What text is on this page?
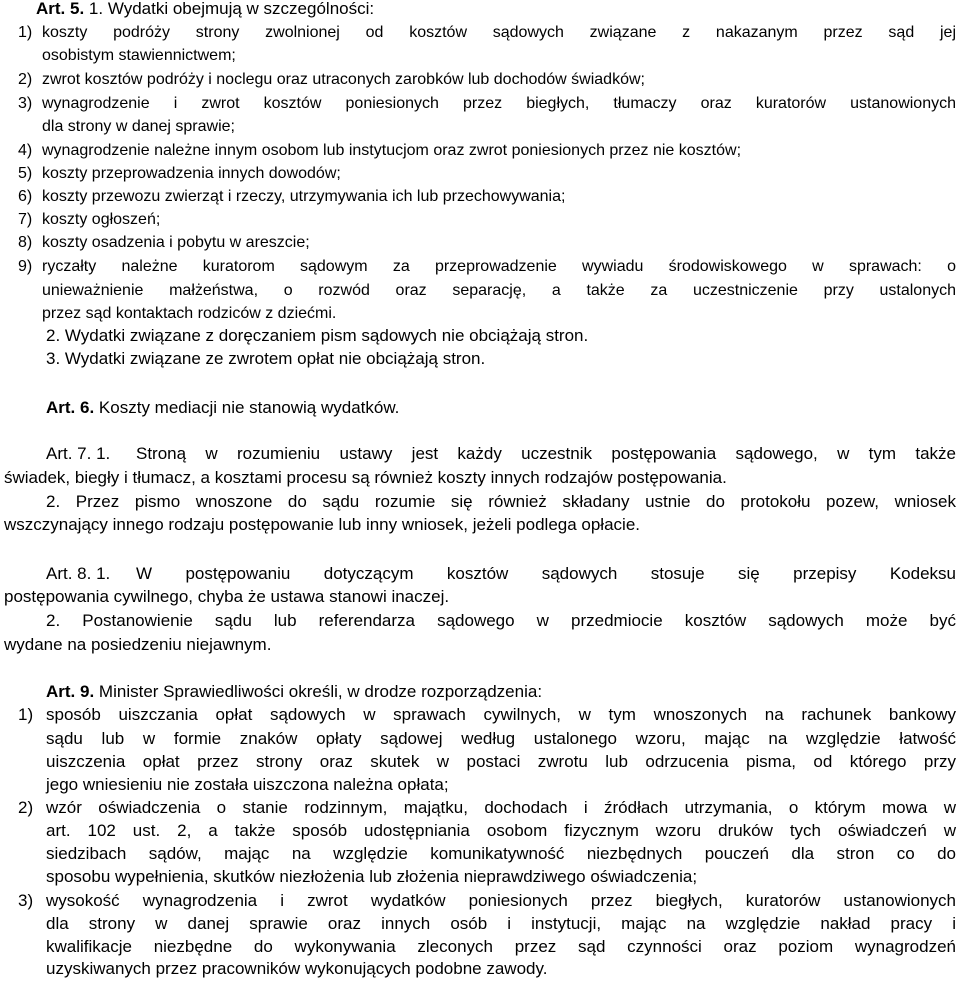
Art. 5. 1. Wydatki obejmują w szczególności:
1) koszty podróży strony zwolnionej od kosztów sądowych związane z nakazanym przez sąd jej
osobistym stawiennictwem;
2) zwrot kosztów podróży i noclegu oraz utraconych zarobków lub dochodów świadków;
3) wynagrodzenie i zwrot kosztów poniesionych przez biegłych, tłumaczy oraz kuratorów ustanowionych
dla strony w danej sprawie;
4) wynagrodzenie należne innym osobom lub instytucjom oraz zwrot poniesionych przez nie kosztów;
5) koszty przeprowadzenia innych dowodów;
6) koszty przewozu zwierząt i rzeczy, utrzymywania ich lub przechowywania;
7) koszty ogłoszeń;
8) koszty osadzenia i pobytu w areszcie;
9) ryczałty należne kuratorom sądowym za przeprowadzenie wywiadu środowiskowego w sprawach: o
unieważnienie małżeństwa, o rozwód oraz separację, a także za uczestniczenie przy ustalonych
przez sąd kontaktach rodziców z dziećmi.
2. Wydatki związane z doręczaniem pism sądowych nie obciążają stron.
3. Wydatki związane ze zwrotem opłat nie obciążają stron.
Art. 6. Koszty mediacji nie stanowią wydatków.
Art. 7. 1. Stroną w rozumieniu ustawy jest każdy uczestnik postępowania sądowego, w tym także
świadek, biegły i tłumacz, a kosztami procesu są również koszty innych rodzajów postępowania.
2. Przez pismo wnoszone do sądu rozumie się również składany ustnie do protokołu pozew, wniosek
wszczynający innego rodzaju postępowanie lub inny wniosek, jeżeli podlega opłacie.
Art. 8. 1. W postępowaniu dotyczącym kosztów sądowych stosuje się przepisy Kodeksu
postępowania cywilnego, chyba że ustawa stanowi inaczej.
2. Postanowienie sądu lub referendarza sądowego w przedmiocie kosztów sądowych może być
wydane na posiedzeniu niejawnym.
Art. 9. Minister Sprawiedliwości określi, w drodze rozporządzenia:
1) sposób uiszczania opłat sądowych w sprawach cywilnych, w tym wnoszonych na rachunek bankowy
sądu lub w formie znaków opłaty sądowej według ustalonego wzoru, mając na względzie łatwość
uiszczenia opłat przez strony oraz skutek w postaci zwrotu lub odrzucenia pisma, od którego przy
jego wniesieniu nie została uiszczona należna opłata;
2) wzór oświadczenia o stanie rodzinnym, majątku, dochodach i źródłach utrzymania, o którym mowa w
art. 102 ust. 2, a także sposób udostępniania osobom fizycznym wzoru druków tych oświadczeń w
siedzibach sądów, mając na względzie komunikatywność niezbędnych pouczeń dla stron co do
sposobu wypełnienia, skutków niezłożenia lub złożenia nieprawdziwego oświadczenia;
3) wysokość wynagrodzenia i zwrot wydatków poniesionych przez biegłych, kuratorów ustanowionych
dla strony w danej sprawie oraz innych osób i instytucji, mając na względzie nakład pracy i
kwalifikacje niezbędne do wykonywania zleconych przez sąd czynności oraz poziom wynagrodzeń
uzyskiwanych przez pracowników wykonujących podobne zawody.
